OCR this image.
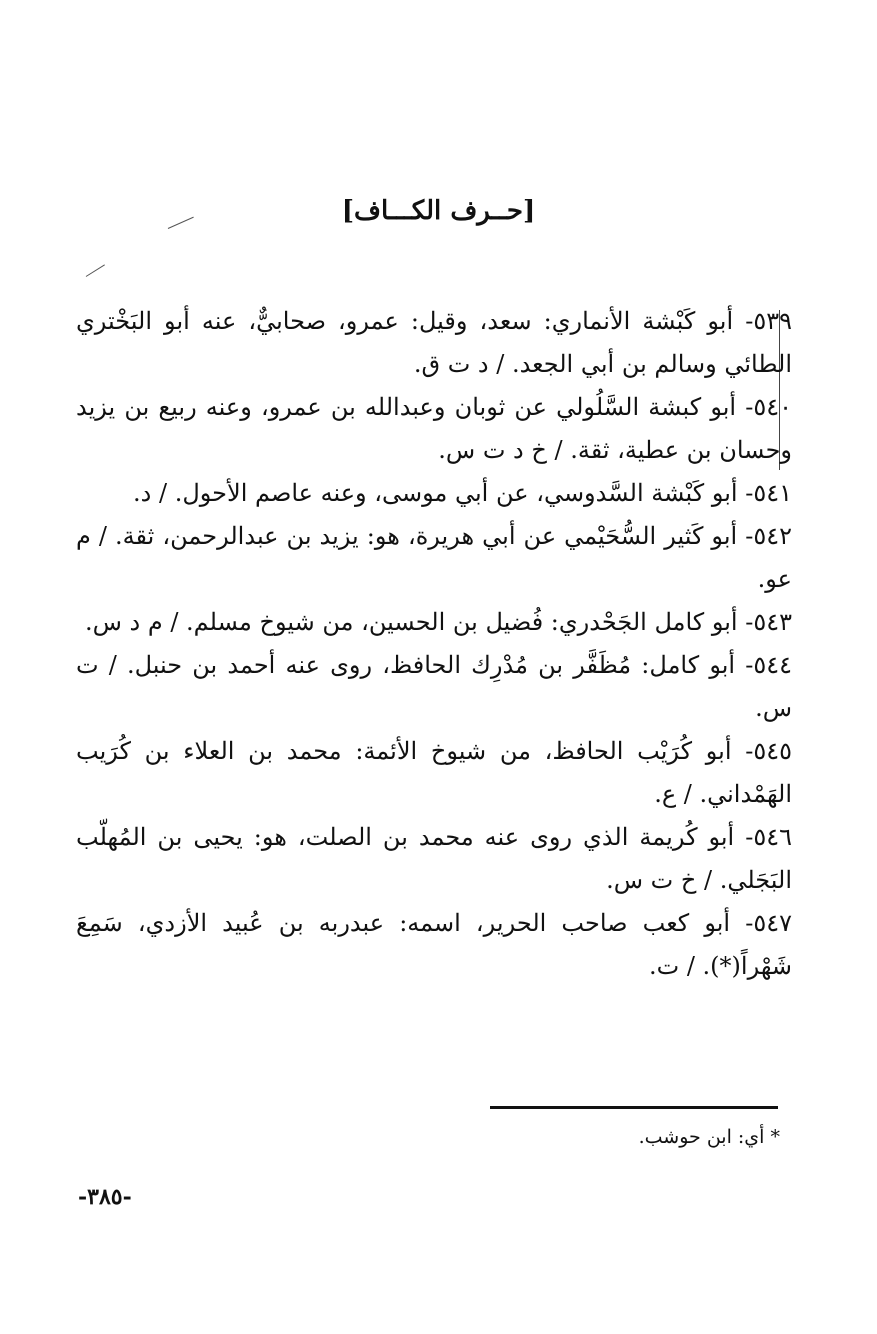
[حــرف الكـــاف]

٥٣٩- أبو كَبْشة الأنماري: سعد، وقيل: عمرو، صحابيٌّ، عنه أبو البَخْتري الطائي وسالم بن أبي الجعد. / د ت ق.

٥٤٠- أبو كبشة السَّلُولي عن ثوبان وعبدالله بن عمرو، وعنه ربيع بن يزيد وحسان بن عطية، ثقة. / خ د ت س.

٥٤١- أبو كَبْشة السَّدوسي، عن أبي موسى، وعنه عاصم الأحول. / د.

٥٤٢- أبو كَثير السُّحَيْمي عن أبي هريرة، هو: يزيد بن عبدالرحمن، ثقة. / م عو.

٥٤٣- أبو كامل الجَحْدري: فُضيل بن الحسين، من شيوخ مسلم. / م د س.

٥٤٤- أبو كامل: مُظَفَّر بن مُدْرِك الحافظ، روى عنه أحمد بن حنبل. / ت س.

٥٤٥- أبو كُرَيْب الحافظ، من شيوخ الأئمة: محمد بن العلاء بن كُرَيب الهَمْداني. / ع.

٥٤٦- أبو كُريمة الذي روى عنه محمد بن الصلت، هو: يحيى بن المُهلّب البَجَلي. / خ ت س.

٥٤٧- أبو كعب صاحب الحرير، اسمه: عبدربه بن عُبيد الأزدي، سَمِعَ شَهْراً(*). / ت.

* أي: ابن حوشب.
-٣٨٥-
